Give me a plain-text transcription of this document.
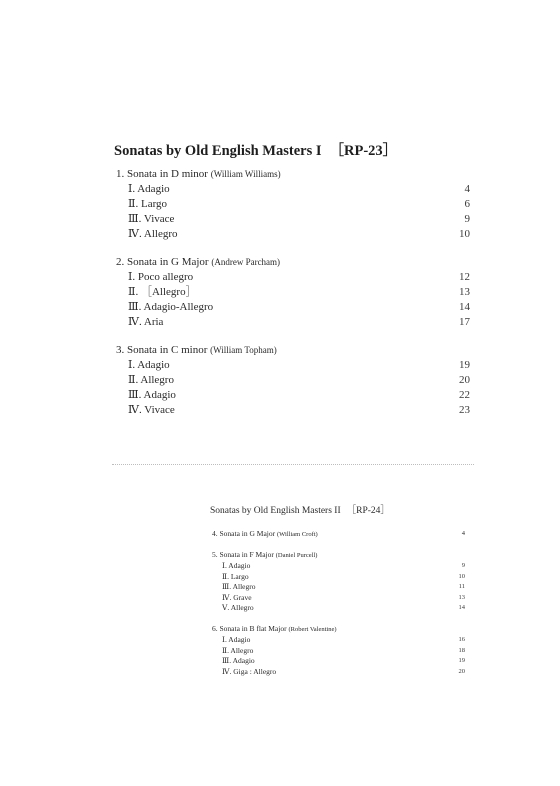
Sonatas by Old English Masters I ［RP-23］
1. Sonata in D minor (William Williams)
Ⅰ. Adagio	4
Ⅱ. Largo	6
Ⅲ. Vivace	9
Ⅳ. Allegro	10
2. Sonata in G Major (Andrew Parcham)
Ⅰ. Poco allegro	12
Ⅱ. ［Allegro］	13
Ⅲ. Adagio-Allegro	14
Ⅳ. Aria	17
3. Sonata in C minor (William Topham)
Ⅰ. Adagio	19
Ⅱ. Allegro	20
Ⅲ. Adagio	22
Ⅳ. Vivace	23
Sonatas by Old English Masters II ［RP-24］
4. Sonata in G Major (William Croft)	4
5. Sonata in F Major (Daniel Purcell)
Ⅰ. Adagio	9
Ⅱ. Largo	10
Ⅲ. Allegro	11
Ⅳ. Grave	13
Ⅴ. Allegro	14
6. Sonata in B flat Major (Robert Valentine)
Ⅰ. Adagio	16
Ⅱ. Allegro	18
Ⅲ. Adagio	19
Ⅳ. Giga : Allegro	20
